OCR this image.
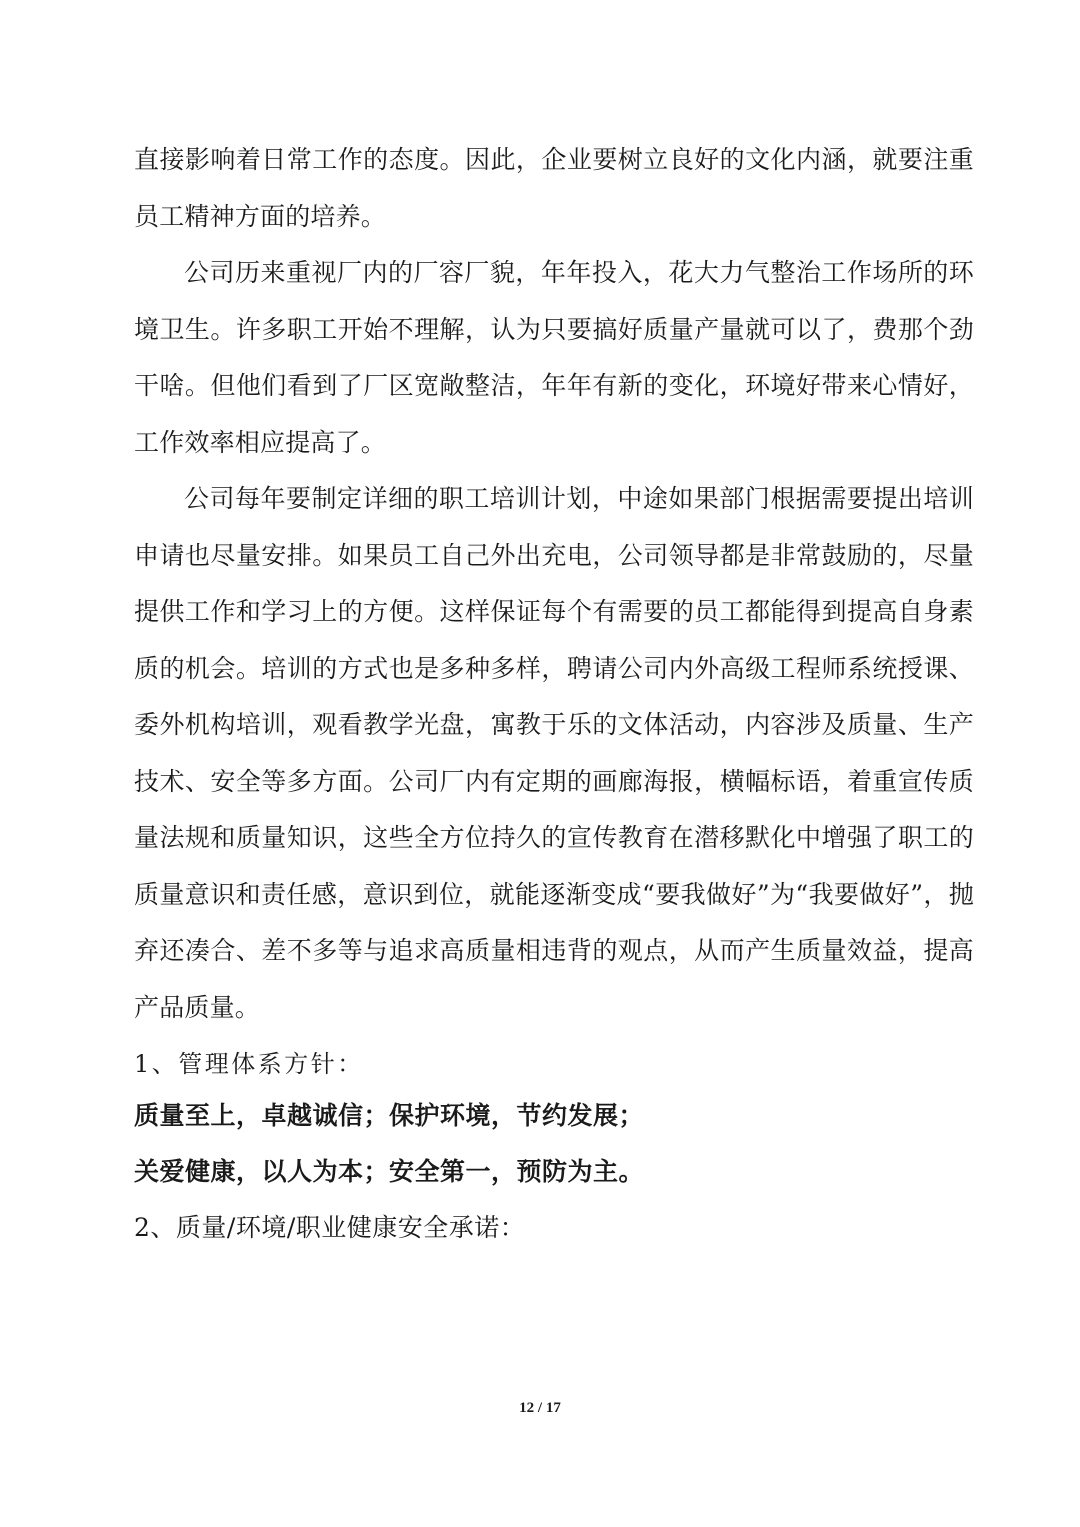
直接影响着日常工作的态度。因此，企业要树立良好的文化内涵，就要注重员工精神方面的培养。

公司历来重视厂内的厂容厂貌，年年投入，花大力气整治工作场所的环境卫生。许多职工开始不理解，认为只要搞好质量产量就可以了，费那个劲干啥。但他们看到了厂区宽敞整洁，年年有新的变化，环境好带来心情好，工作效率相应提高了。

公司每年要制定详细的职工培训计划，中途如果部门根据需要提出培训申请也尽量安排。如果员工自己外出充电，公司领导都是非常鼓励的，尽量提供工作和学习上的方便。这样保证每个有需要的员工都能得到提高自身素质的机会。培训的方式也是多种多样，聘请公司内外高级工程师系统授课、委外机构培训，观看教学光盘，寓教于乐的文体活动，内容涉及质量、生产技术、安全等多方面。公司厂内有定期的画廊海报，横幅标语，着重宣传质量法规和质量知识，这些全方位持久的宣传教育在潜移默化中增强了职工的质量意识和责任感，意识到位，就能逐渐变成“要我做好”为“我要做好”，抛弃还凑合、差不多等与追求高质量相违背的观点，从而产生质量效益，提高产品质量。

1、管理体系方针：

质量至上，卓越诚信；保护环境，节约发展；

关爱健康，以人为本；安全第一，预防为主。

2、质量/环境/职业健康安全承诺：

12 / 17
